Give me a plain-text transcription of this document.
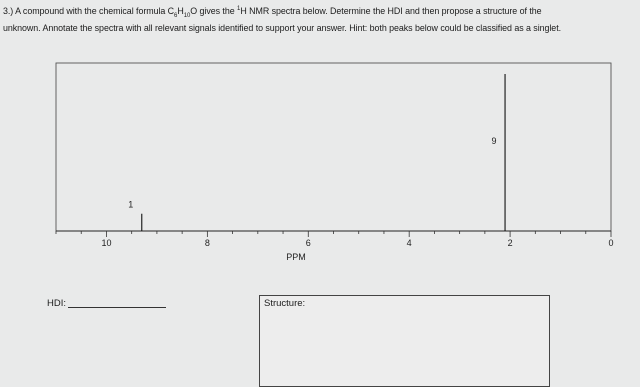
3.) A compound with the chemical formula $C_6H_{10}O$ gives the $^1$H NMR spectra below. Determine the HDI and then propose a structure of the

unknown. Annotate the spectra with all relevant signals identified to support your answer. Hint: both peaks below could be classified as a singlet.

10	8	6	4	2	0
1
9
PPM
HDI:	Structure:
